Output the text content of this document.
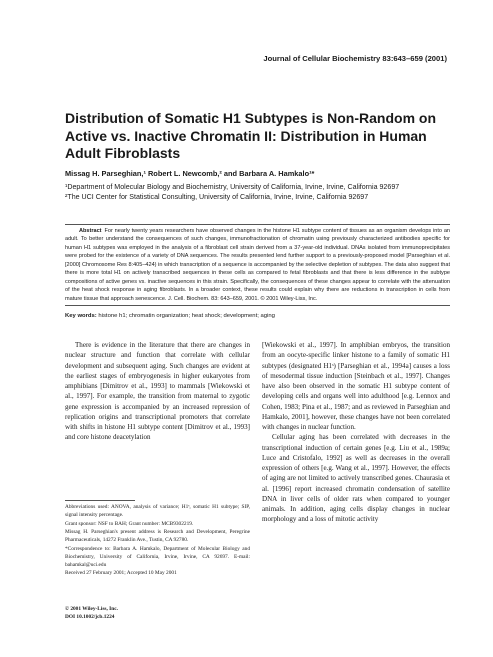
Journal of Cellular Biochemistry 83:643–659 (2001)
Distribution of Somatic H1 Subtypes is Non-Random on Active vs. Inactive Chromatin II: Distribution in Human Adult Fibroblasts
Missag H. Parseghian,¹ Robert L. Newcomb,² and Barbara A. Hamkalo¹*
¹Department of Molecular Biology and Biochemistry, University of California, Irvine, Irvine, California 92697
²The UCI Center for Statistical Consulting, University of California, Irvine, Irvine, California 92697
Abstract For nearly twenty years researchers have observed changes in the histone H1 subtype content of tissues as an organism develops into an adult. To better understand the consequences of such changes, immunofractionation of chromatin using previously characterized antibodies specific for human H1 subtypes was employed in the analysis of a fibroblast cell strain derived from a 37-year-old individual. DNAs isolated from immunoprecipitates were probed for the existence of a variety of DNA sequences. The results presented lend further support to a previously-proposed model [Parseghian et al. [2000] Chromosome Res 8:405–424) in which transcription of a sequence is accompanied by the selective depletion of subtypes. The data also suggest that there is more total H1 on actively transcribed sequences in these cells as compared to fetal fibroblasts and that there is less difference in the subtype compositions of active genes vs. inactive sequences in this strain. Specifically, the consequences of these changes appear to correlate with the attenuation of the heat shock response in aging fibroblasts. In a broader context, these results could explain why there are reductions in transcription in cells from mature tissue that approach senescence. J. Cell. Biochem. 83: 643–659, 2001. © 2001 Wiley-Liss, Inc.
Key words: histone h1; chromatin organization; heat shock; development; aging

There is evidence in the literature that there are changes in nuclear structure and function that correlate with cellular development and subsequent aging. Such changes are evident at the earliest stages of embryogenesis in higher eukaryotes from amphibians [Dimitrov et al., 1993] to mammals [Wiekowski et al., 1997]. For example, the transition from maternal to zygotic gene expression is accompanied by an increased repression of replication origins and transcriptional promoters that correlate with shifts in histone H1 subtype content [Dimitrov et al., 1993] and core histone deacetylation

[Wiekowski et al., 1997]. In amphibian embryos, the transition from an oocyte-specific linker histone to a family of somatic H1 subtypes (designated H1ˢ) [Parseghian et al., 1994a] causes a loss of mesodermal tissue induction [Steinbach et al., 1997]. Changes have also been observed in the somatic H1 subtype content of developing cells and organs well into adulthood [e.g. Lennox and Cohen, 1983; Pina et al., 1987; and as reviewed in Parseghian and Hamkalo, 2001], however, these changes have not been correlated with changes in nuclear function.

Cellular aging has been correlated with decreases in the transcriptional induction of certain genes [e.g. Liu et al., 1989a; Luce and Cristofalo, 1992] as well as decreases in the overall expression of others [e.g. Wang et al., 1997]. However, the effects of aging are not limited to actively transcribed genes. Chaurasia et al. [1996] report increased chromatin condensation of satellite DNA in liver cells of older rats when compared to younger animals. In addition, aging cells display changes in nuclear morphology and a loss of mitotic activity

Abbreviations used: ANOVA, analysis of variance; H1ˢ, somatic H1 subtype; SIP, signal intensity percentage.
Grant sponsor: NSF to BAH; Grant number: MCB9302219.
Missag H. Parseghian's present address is Research and Development, Peregrine Pharmaceuticals, 14272 Franklin Ave., Tustin, CA 92780.
*Correspondence to: Barbara A. Hamkalo, Department of Molecular Biology and Biochemistry, University of California, Irvine, Irvine, CA 92697. E-mail: bahamkal@uci.edu
Received 27 February 2001; Accepted 10 May 2001
© 2001 Wiley-Liss, Inc.
DOI 10.1002/jcb.1224
